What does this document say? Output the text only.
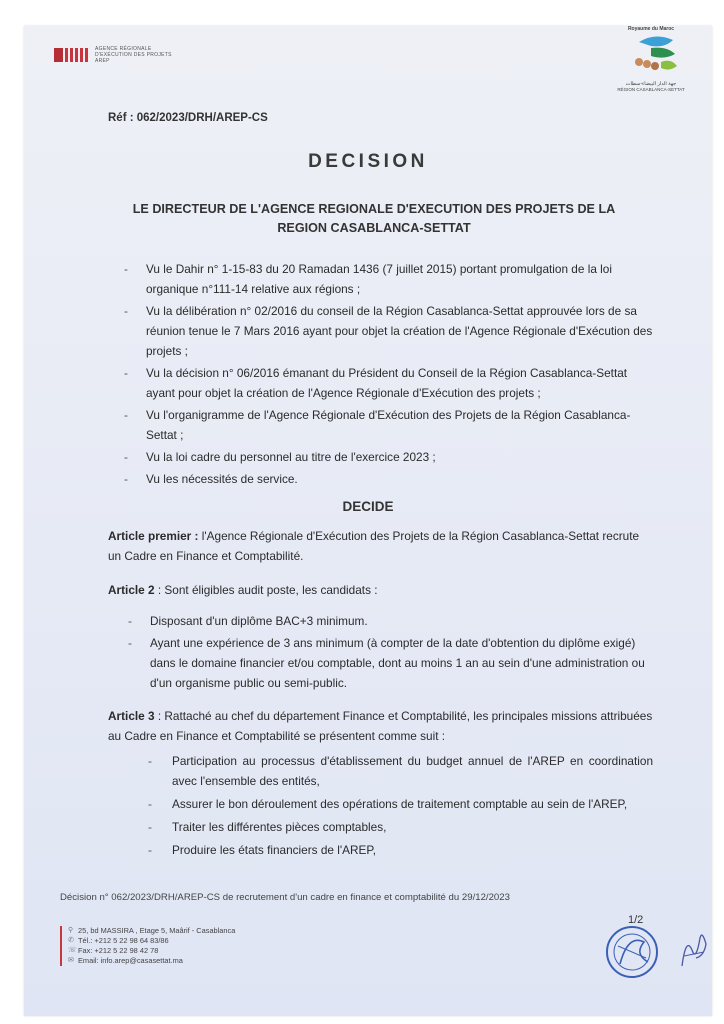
AGENCE RÉGIONALE
D'EXÉCUTION DES PROJETS
AREP
Royaume du Maroc
جهة الدار البيضاء-سطات
RÉGION CASABLANCA-SETTAT
Réf : 062/2023/DRH/AREP-CS
DECISION
LE DIRECTEUR DE L'AGENCE REGIONALE D'EXECUTION DES PROJETS DE LA
REGION CASABLANCA-SETTAT
- Vu le Dahir n° 1-15-83 du 20 Ramadan 1436 (7 juillet 2015) portant promulgation de la loi organique n°111-14 relative aux régions ;
- Vu la délibération n° 02/2016 du conseil de la Région Casablanca-Settat approuvée lors de sa réunion tenue le 7 Mars 2016 ayant pour objet la création de l'Agence Régionale d'Exécution des projets ;
- Vu la décision n° 06/2016 émanant du Président du Conseil de la Région Casablanca-Settat ayant pour objet la création de l'Agence Régionale d'Exécution des projets ;
- Vu l'organigramme de l'Agence Régionale d'Exécution des Projets de la Région Casablanca-Settat ;
- Vu la loi cadre du personnel au titre de l'exercice 2023 ;
- Vu les nécessités de service.
DECIDE
Article premier : l'Agence Régionale d'Exécution des Projets de la Région Casablanca-Settat recrute un Cadre en Finance et Comptabilité.
Article 2 : Sont éligibles audit poste, les candidats :
- Disposant d'un diplôme BAC+3 minimum.
- Ayant une expérience de 3 ans minimum (à compter de la date d'obtention du diplôme exigé) dans le domaine financier et/ou comptable, dont au moins 1 an au sein d'une administration ou d'un organisme public ou semi-public.
Article 3 : Rattaché au chef du département Finance et Comptabilité, les principales missions attribuées au Cadre en Finance et Comptabilité se présentent comme suit :
- Participation au processus d'établissement du budget annuel de l'AREP en coordination avec l'ensemble des entités,
- Assurer le bon déroulement des opérations de traitement comptable au sein de l'AREP,
- Traiter les différentes pièces comptables,
- Produire les états financiers de l'AREP,
Décision n° 062/2023/DRH/AREP-CS de recrutement d'un cadre en finance et comptabilité du 29/12/2023
⚲ 25, bd MASSIRA , Etage 5, Maârif - Casablanca
✆ Tél. : +212 5 22 98 64 83/86
☏ Fax : +212 5 22 98 42 78
✉ Email : info.arep@casasettat.ma
1/2
